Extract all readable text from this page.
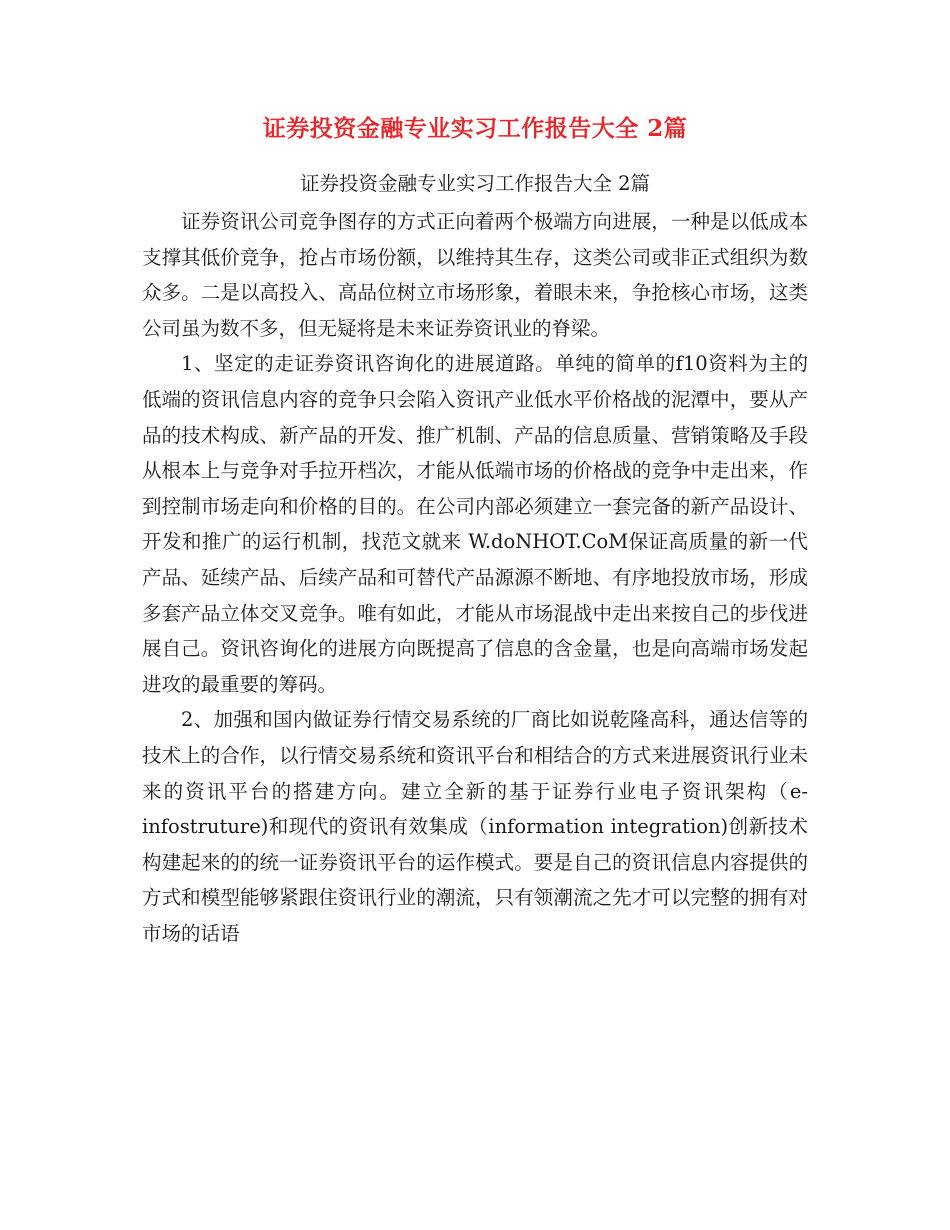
证券投资金融专业实习工作报告大全 2篇
证券投资金融专业实习工作报告大全 2篇

证券资讯公司竞争图存的方式正向着两个极端方向进展，一种是以低成本支撑其低价竞争，抢占市场份额，以维持其生存，这类公司或非正式组织为数众多。二是以高投入、高品位树立市场形象，着眼未来，争抢核心市场，这类公司虽为数不多，但无疑将是未来证券资讯业的脊梁。

1、坚定的走证券资讯咨询化的进展道路。单纯的简单的f10资料为主的低端的资讯信息内容的竞争只会陷入资讯产业低水平价格战的泥潭中，要从产品的技术构成、新产品的开发、推广机制、产品的信息质量、营销策略及手段从根本上与竞争对手拉开档次，才能从低端市场的价格战的竞争中走出来，作到控制市场走向和价格的目的。在公司内部必须建立一套完备的新产品设计、开发和推广的运行机制，找范文就来 W.doNHOT.CoM保证高质量的新一代产品、延续产品、后续产品和可替代产品源源不断地、有序地投放市场，形成多套产品立体交叉竞争。唯有如此，才能从市场混战中走出来按自己的步伐进展自己。资讯咨询化的进展方向既提高了信息的含金量，也是向高端市场发起进攻的最重要的筹码。

2、加强和国内做证券行情交易系统的厂商比如说乾隆高科，通达信等的技术上的合作，以行情交易系统和资讯平台和相结合的方式来进展资讯行业未来的资讯平台的搭建方向。建立全新的基于证券行业电子资讯架构（e-infostruture)和现代的资讯有效集成（information integration)创新技术构建起来的的统一证券资讯平台的运作模式。要是自己的资讯信息内容提供的方式和模型能够紧跟住资讯行业的潮流，只有领潮流之先才可以完整的拥有对市场的话语
